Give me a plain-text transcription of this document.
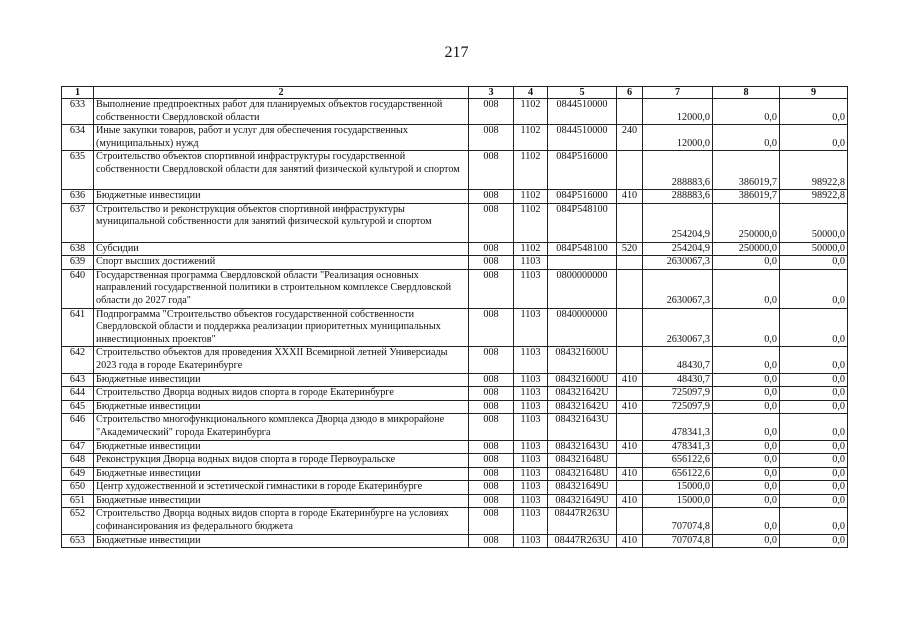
217
1	2	3	4	5	6	7	8	9
633	Выполнение предпроектных работ для планируемых объектов государственной собственности Свердловской области	008	1102	0844510000		12000,0	0,0	0,0
634	Иные закупки товаров, работ и услуг для обеспечения государственных (муниципальных) нужд	008	1102	0844510000	240	12000,0	0,0	0,0
635	Строительство объектов спортивной инфраструктуры государственной собственности Свердловской области для занятий физической культурой и спортом	008	1102	084P516000		288883,6	386019,7	98922,8
636	Бюджетные инвестиции	008	1102	084P516000	410	288883,6	386019,7	98922,8
637	Строительство и реконструкция объектов спортивной инфраструктуры муниципальной собственности для занятий физической культурой и спортом	008	1102	084P548100		254204,9	250000,0	50000,0
638	Субсидии	008	1102	084P548100	520	254204,9	250000,0	50000,0
639	Спорт высших достижений	008	1103			2630067,3	0,0	0,0
640	Государственная программа Свердловской области "Реализация основных направлений государственной политики в строительном комплексе Свердловской области до 2027 года"	008	1103	0800000000		2630067,3	0,0	0,0
641	Подпрограмма "Строительство объектов государственной собственности Свердловской области и поддержка реализации приоритетных муниципальных инвестиционных проектов"	008	1103	0840000000		2630067,3	0,0	0,0
642	Строительство объектов для проведения XXXII Всемирной летней Универсиады 2023 года в городе Екатеринбурге	008	1103	084321600U		48430,7	0,0	0,0
643	Бюджетные инвестиции	008	1103	084321600U	410	48430,7	0,0	0,0
644	Строительство Дворца водных видов спорта в городе Екатеринбурге	008	1103	084321642U		725097,9	0,0	0,0
645	Бюджетные инвестиции	008	1103	084321642U	410	725097,9	0,0	0,0
646	Строительство многофункционального комплекса Дворца дзюдо в микрорайоне "Академический" города Екатеринбурга	008	1103	084321643U		478341,3	0,0	0,0
647	Бюджетные инвестиции	008	1103	084321643U	410	478341,3	0,0	0,0
648	Реконструкция Дворца водных видов спорта в городе Первоуральске	008	1103	084321648U		656122,6	0,0	0,0
649	Бюджетные инвестиции	008	1103	084321648U	410	656122,6	0,0	0,0
650	Центр художественной и эстетической гимнастики в городе Екатеринбурге	008	1103	084321649U		15000,0	0,0	0,0
651	Бюджетные инвестиции	008	1103	084321649U	410	15000,0	0,0	0,0
652	Строительство Дворца водных видов спорта в городе Екатеринбурге на условиях софинансирования из федерального бюджета	008	1103	08447R263U		707074,8	0,0	0,0
653	Бюджетные инвестиции	008	1103	08447R263U	410	707074,8	0,0	0,0
